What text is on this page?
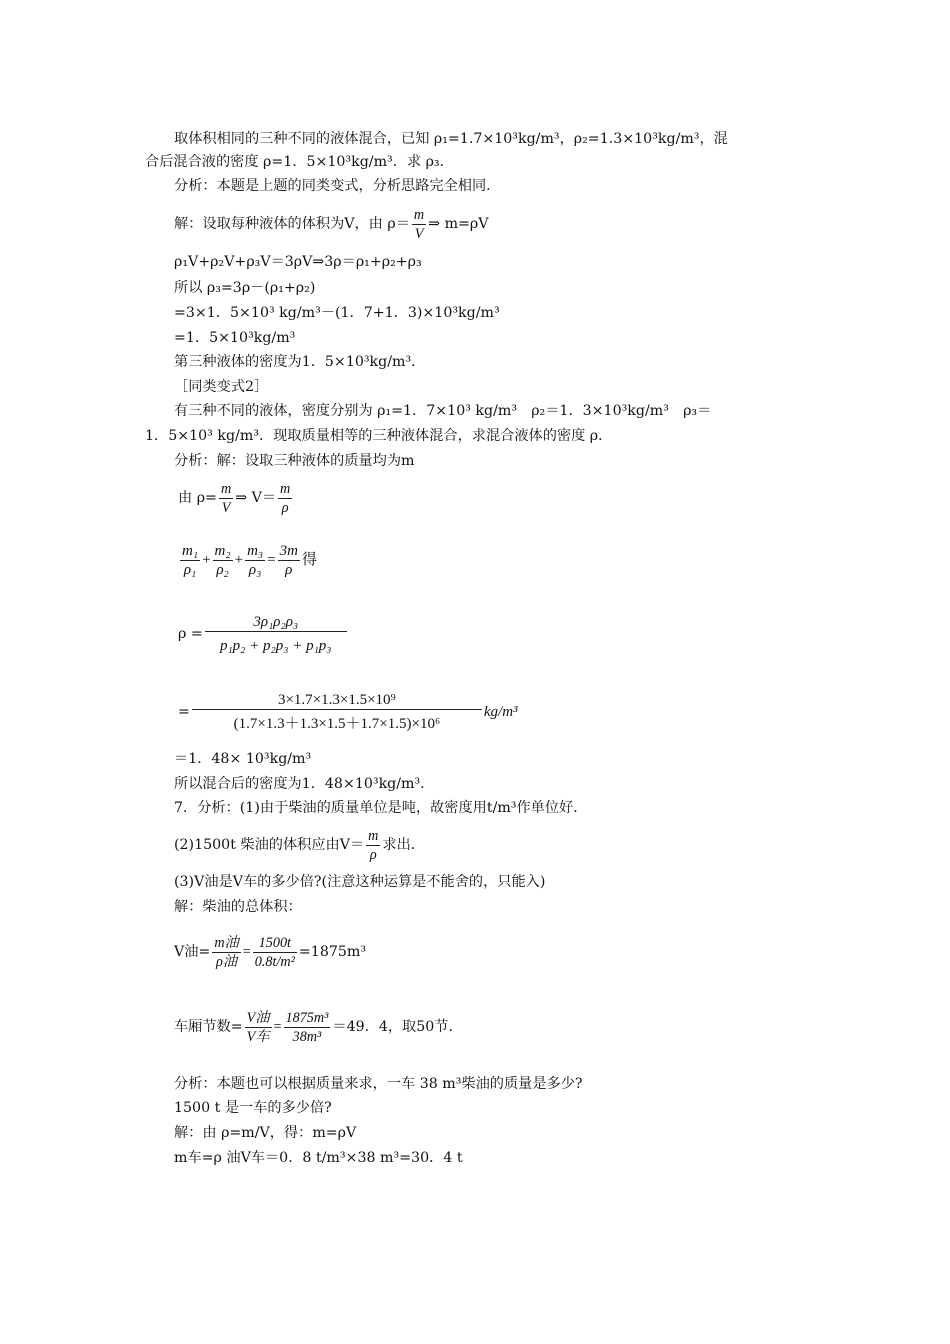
取体积相同的三种不同的液体混合，已知 ρ₁=1.7×10³kg/m³，ρ₂=1.3×10³kg/m³，混
合后混合液的密度 ρ=1．5×10³kg/m³．求 ρ₃．
分析：本题是上题的同类变式，分析思路完全相同．
解：设取每种液体的体积为V，由 $\rho= \frac{m}{V}$ ⇒ m=ρV
ρ₁V+ρ₂V+ρ₃V＝3ρV⇒3ρ＝ρ₁+ρ₂+ρ₃
所以 ρ₃=3ρ－(ρ₁+ρ₂)
=3×1．5×10³ kg/m³－(1．7+1．3)×10³kg/m³
=1．5×10³kg/m³
第三种液体的密度为1．5×10³kg/m³．
［同类变式2］
有三种不同的液体，密度分别为 ρ₁=1．7×10³ kg/m³　ρ₂＝1．3×10³kg/m³　ρ₃＝
1．5×10³ kg/m³．现取质量相等的三种液体混合，求混合液体的密度 ρ．
分析：解：设取三种液体的质量均为m
由 $\rho= \frac{m}{V}$ ⇒ $V= \frac{m}{\rho}$
$\frac{\text{m₁}}{\text{ρ₁}} + \frac{\text{m₂}}{\text{ρ₂}} + \frac{\text{m₃}}{\text{ρ₃}} = \frac{3m}{\rho}$ 得
$\rho = \frac{\text{3ρ₁ρ₂ρ₃}}{\text{p₁p₂ + p₂p₃ + p₁p₃}}$
= $\frac{\text{3×1.7×1.3×1.5×10⁹}}{\text{(1.7×1.3＋1.3×1.5＋1.7×1.5)×10⁶}} kg/m^3$
＝1．48× 10³kg/m³
所以混合后的密度为1．48×10³kg/m³．
7．分析：(1)由于柴油的质量单位是吨，故密度用t/m³作单位好．
(2)1500t 柴油的体积应由$V= \frac{m}{\rho}$ 求出．
(3)V油是V车的多少倍?(注意这种运算是不能舍的，只能入)
解：柴油的总体积：
V油= $\frac{\text{m油}}{\text{ρ油}} = \frac{1500t}{\text{0.8t/m²}} =1875m^3$
车厢节数= $\frac{\text{V油}}{\text{V车}} = \frac{\text{1875m³}}{\text{38m³}} =49$．4，取50节．
分析：本题也可以根据质量来求，一车 38 m³柴油的质量是多少?
1500 t 是一车的多少倍?
解：由 ρ=m/V，得：m=ρV
m车=ρ 油V车＝0．8 t/m³×38 m³=30．4 t
